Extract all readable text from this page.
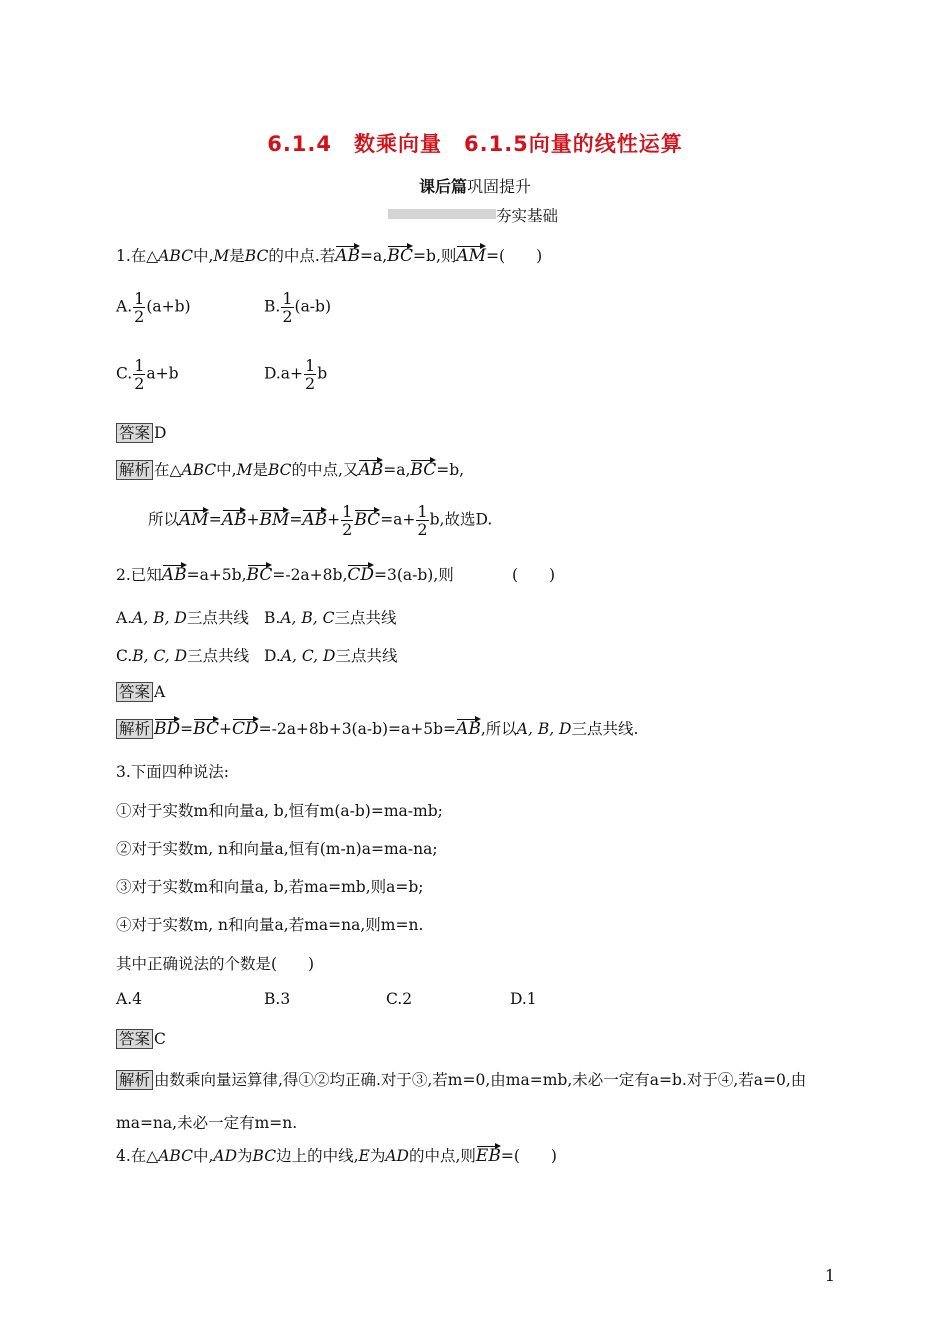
6.1.4　数乘向量　6.1.5向量的线性运算
课后篇巩固提升
夯实基础
1.在△ABC中,M是BC的中点.若AB=a,BC=b,则AM=(　　)
A. $\frac{1}{2} (a+b)$	B. $\frac{1}{2} (a-b)$
C. $\frac{1}{2} a+b$	$D.a+ \frac{1}{2}$ b
答案 D
解析 在△ABC中,M是BC的中点,又AB=a,BC=b,
所以$AM=AB+BM=AB+ \frac{1}{2} BC=a+ \frac{1}{2} b$,故选D.
2.已知AB=a+5b,BC=-2a+8b,CD=3(a-b),则	(　　)
A.A, B, D三点共线 B.A, B, C三点共线
C.B, C, D三点共线 D.A, C, D三点共线
答案 A
解析 BD=BC+CD=-2a+8b+3(a-b)=a+5b=AB,所以A, B, D三点共线.
3.下面四种说法:
①对于实数m和向量a, b,恒有m(a-b)=ma-mb;
②对于实数m, n和向量a,恒有(m-n)a=ma-na;
③对于实数m和向量a, b,若ma=mb,则a=b;
④对于实数m, n和向量a,若ma=na,则m=n.
其中正确说法的个数是(　　)
A.4	B.3	C.2	D.1
答案 C
解析 由数乘向量运算律,得①②均正确.对于③,若m=0,由ma=mb,未必一定有a=b.对于④,若a=0,由
ma=na,未必一定有m=n.
4.在△ABC中,AD为BC边上的中线,E为AD的中点,则EB=(　　)
1
